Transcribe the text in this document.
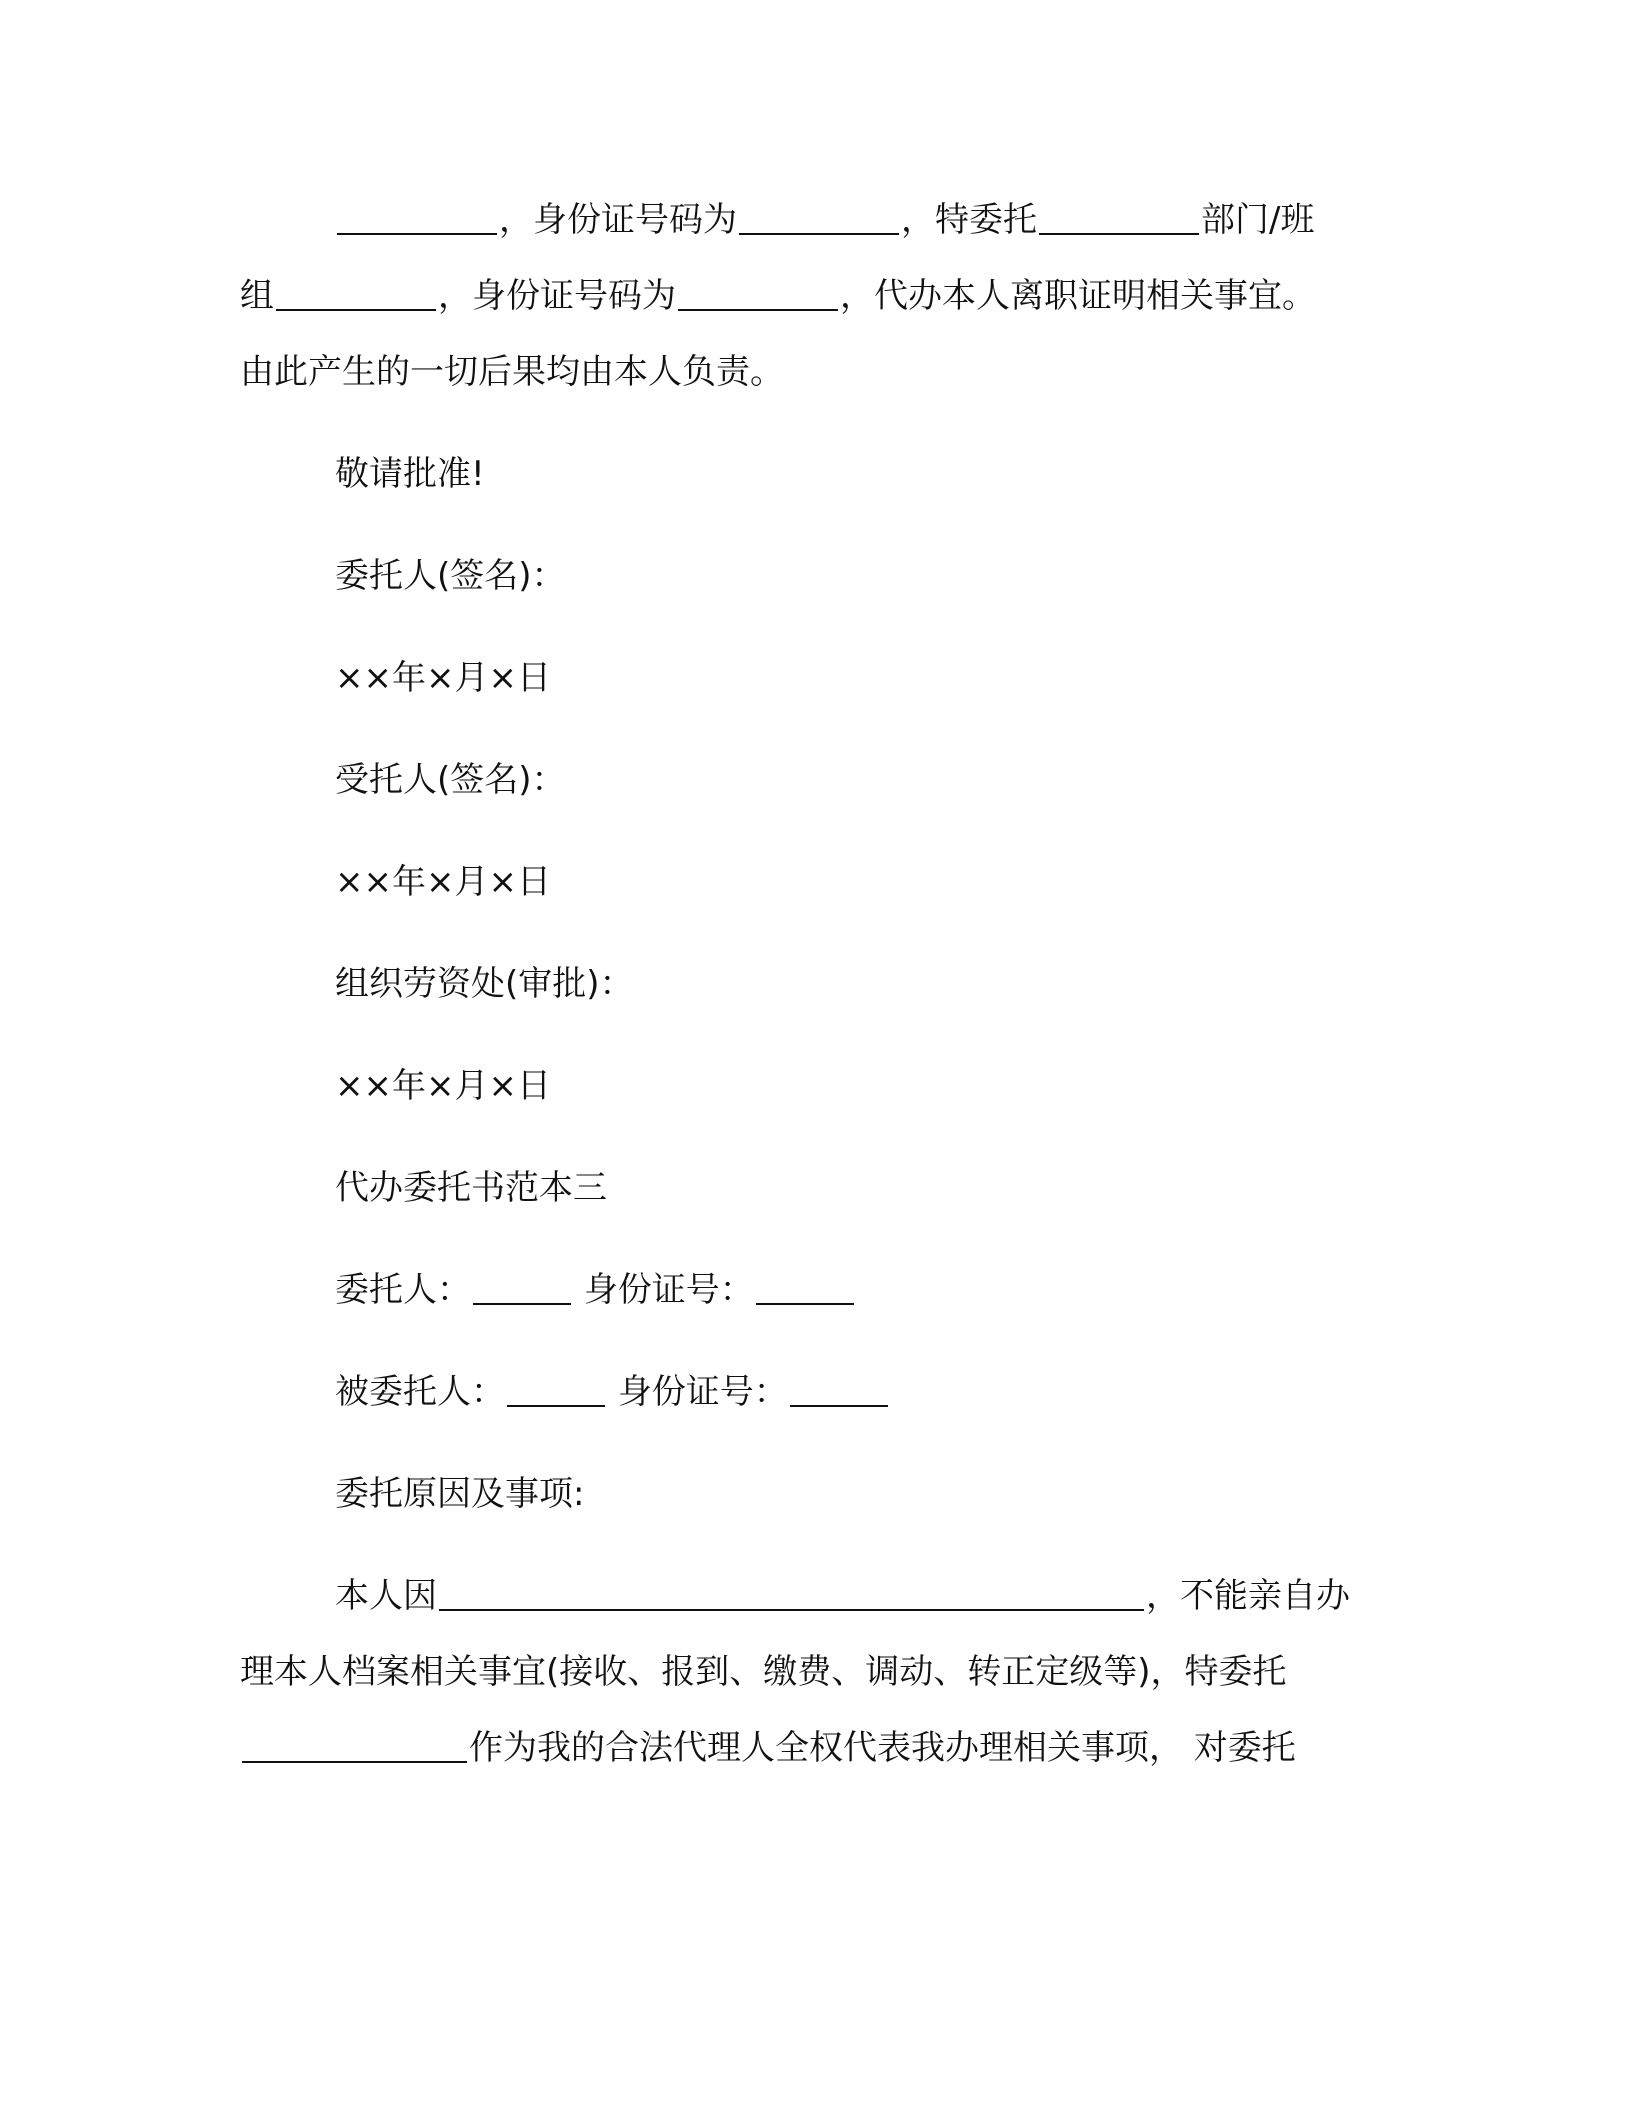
，身份证号码为	，特委托	部门/班
组	，身份证号码为	，代办本人离职证明相关事宜。
由此产生的一切后果均由本人负责。
敬请批准!
委托人(签名)：
××年×月×日
受托人(签名)：
××年×月×日
组织劳资处(审批)：
××年×月×日
代办委托书范本三
委托人：	身份证号：
被委托人：	身份证号：
委托原因及事项:
本人因	，不能亲自办
理本人档案相关事宜(接收、报到、缴费、调动、转正定级等)，特委托
作为我的合法代理人全权代表我办理相关事项， 对委托
